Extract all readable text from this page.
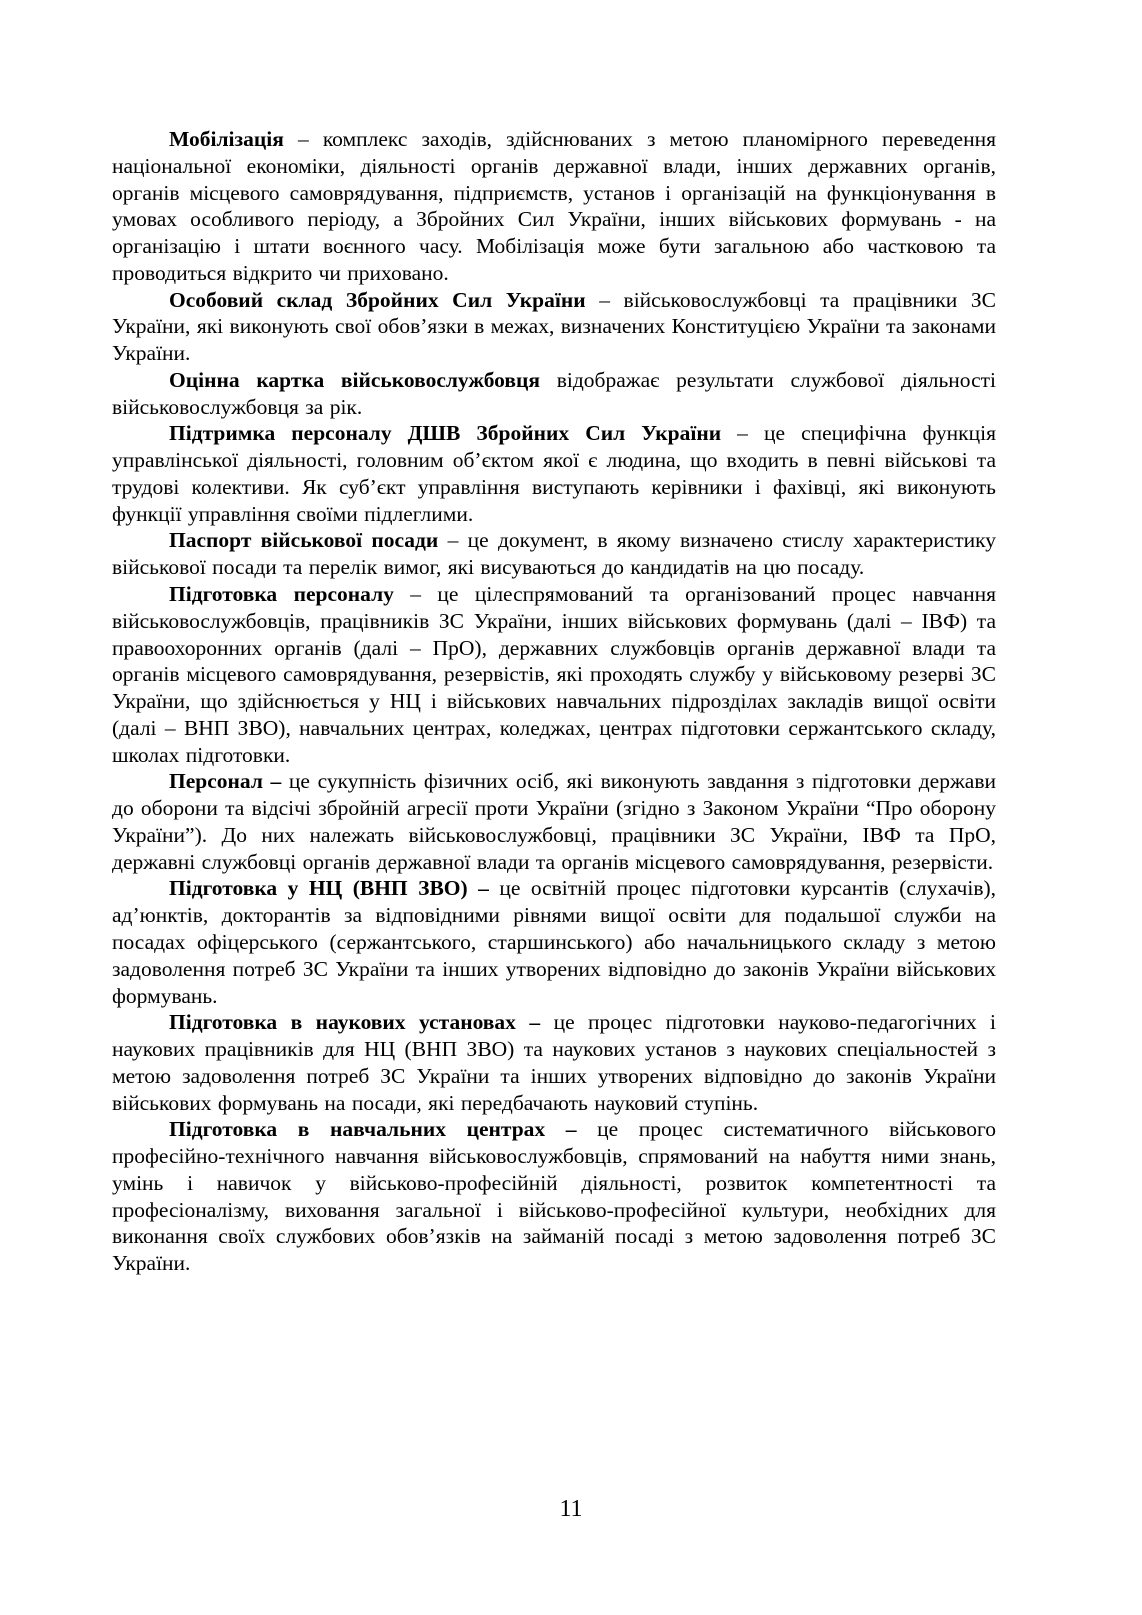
Мобілізація – комплекс заходів, здійснюваних з метою планомірного переведення національної економіки, діяльності органів державної влади, інших державних органів, органів місцевого самоврядування, підприємств, установ і організацій на функціонування в умовах особливого періоду, а Збройних Сил України, інших військових формувань - на організацію і штати воєнного часу. Мобілізація може бути загальною або частковою та проводиться відкрито чи приховано.

Особовий склад Збройних Сил України – військовослужбовці та працівники ЗС України, які виконують свої обов’язки в межах, визначених Конституцією України та законами України.

Оцінна картка військовослужбовця відображає результати службової діяльності військовослужбовця за рік.

Підтримка персоналу ДШВ Збройних Сил України – це специфічна функція управлінської діяльності, головним об’єктом якої є людина, що входить в певні військові та трудові колективи. Як суб’єкт управління виступають керівники і фахівці, які виконують функції управління своїми підлеглими.

Паспорт військової посади – це документ, в якому визначено стислу характеристику військової посади та перелік вимог, які висуваються до кандидатів на цю посаду.

Підготовка персоналу – це цілеспрямований та організований процес навчання військовослужбовців, працівників ЗС України, інших військових формувань (далі – ІВФ) та правоохоронних органів (далі – ПрО), державних службовців органів державної влади та органів місцевого самоврядування, резервістів, які проходять службу у військовому резерві ЗС України, що здійснюється у НЦ і військових навчальних підрозділах закладів вищої освіти (далі – ВНП ЗВО), навчальних центрах, коледжах, центрах підготовки сержантського складу, школах підготовки.

Персонал – це сукупність фізичних осіб, які виконують завдання з підготовки держави до оборони та відсічі збройній агресії проти України (згідно з Законом України “Про оборону України”). До них належать військовослужбовці, працівники ЗС України, ІВФ та ПрО, державні службовці органів державної влади та органів місцевого самоврядування, резервісти.

Підготовка у НЦ (ВНП ЗВО) – це освітній процес підготовки курсантів (слухачів), ад’юнктів, докторантів за відповідними рівнями вищої освіти для подальшої служби на посадах офіцерського (сержантського, старшинського) або начальницького складу з метою задоволення потреб ЗС України та інших утворених відповідно до законів України військових формувань.

Підготовка в наукових установах – це процес підготовки науково-педагогічних і наукових працівників для НЦ (ВНП ЗВО) та наукових установ з наукових спеціальностей з метою задоволення потреб ЗС України та інших утворених відповідно до законів України військових формувань на посади, які передбачають науковий ступінь.

Підготовка в навчальних центрах – це процес систематичного військового професійно-технічного навчання військовослужбовців, спрямований на набуття ними знань, умінь і навичок у військово-професійній діяльності, розвиток компетентності та професіоналізму, виховання загальної і військово-професійної культури, необхідних для виконання своїх службових обов’язків на займаній посаді з метою задоволення потреб ЗС України.

11
